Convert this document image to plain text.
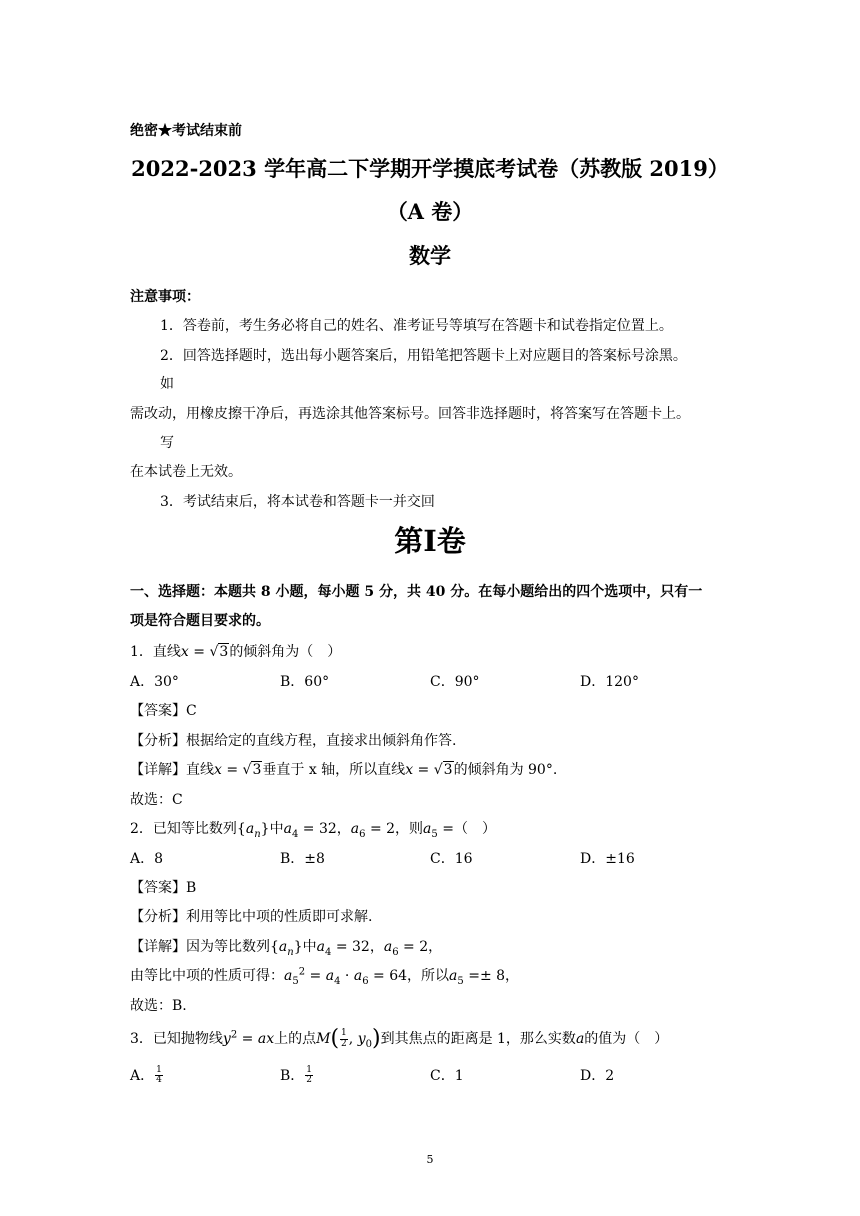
绝密★考试结束前
2022-2023 学年高二下学期开学摸底考试卷（苏教版 2019）
（A 卷）
数学
注意事项：
1．答卷前，考生务必将自己的姓名、准考证号等填写在答题卡和试卷指定位置上。
2．回答选择题时，选出每小题答案后，用铅笔把答题卡上对应题目的答案标号涂黑。
如
需改动，用橡皮擦干净后，再选涂其他答案标号。回答非选择题时，将答案写在答题卡上。
写
在本试卷上无效。
3．考试结束后，将本试卷和答题卡一并交回
第I卷
一、选择题：本题共 8 小题，每小题 5 分，共 40 分。在每小题给出的四个选项中，只有一
项是符合题目要求的。
1．直线x = √3的倾斜角为（　）
A．30°	B．60°	C．90°	D．120°
【答案】C
【分析】根据给定的直线方程，直接求出倾斜角作答.
【详解】直线x = √3垂直于 x 轴，所以直线x = √3的倾斜角为 90°.
故选：C
2．已知等比数列$\{a_n\}$中$a_4 = 32$，$a_6 = 2$，则$a_5$ =（　）
A．8	B．±8	C．16	D．±16
【答案】B
【分析】利用等比中项的性质即可求解.
【详解】因为等比数列$\{a_n\}$中$a_4 = 32$，$a_6 = 2$，
由等比中项的性质可得：$a_5^2 = a_4 \cdot a_6 = 64$，所以$a_5 =\pm 8$，
故选：B.
3．已知抛物线$y^2$ = ax上的点$M( \frac{1}{2}$ , $y_0$)到其焦点的距离是 1，那么实数a的值为（　）
A． $\frac{1}{4}$	B． $\frac{1}{2}$	C．1	D．2
5
